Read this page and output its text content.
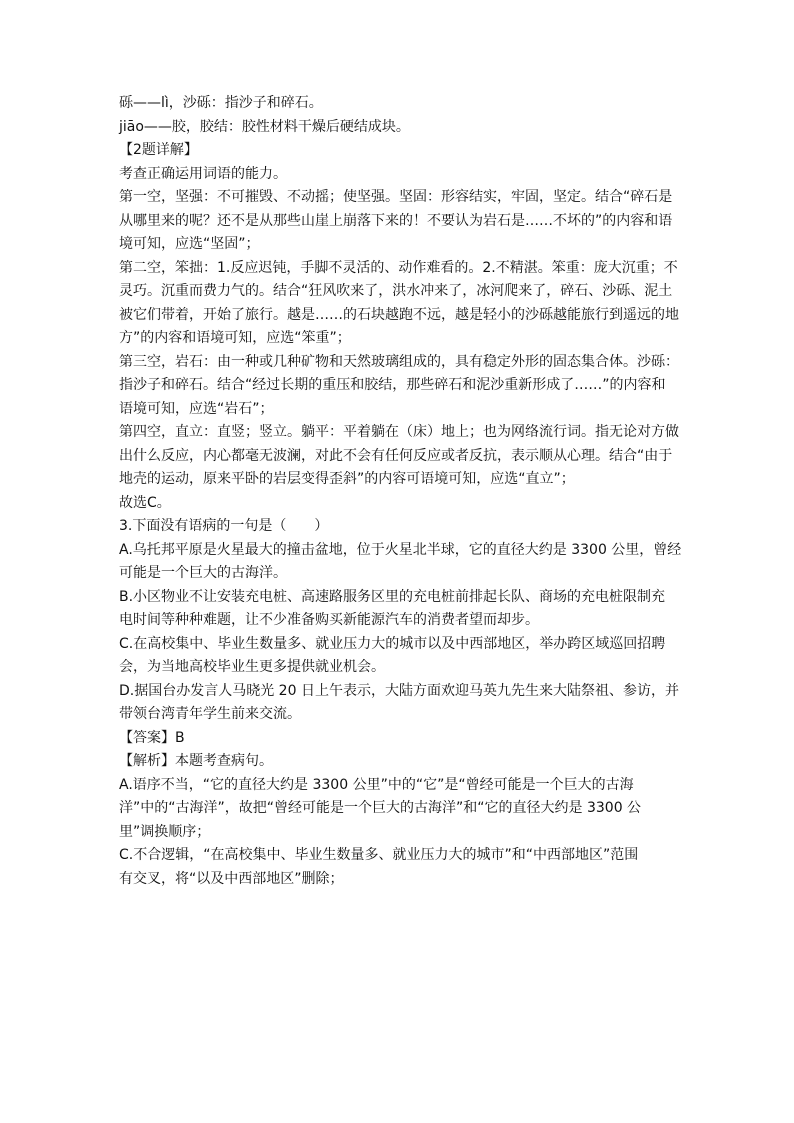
砾——lì，沙砾：指沙子和碎石。
jiāo——胶，胶结：胶性材料干燥后硬结成块。
【2题详解】
考查正确运用词语的能力。
第一空，坚强：不可摧毁、不动摇；使坚强。坚固：形容结实，牢固，坚定。结合“碎石是
从哪里来的呢？还不是从那些山崖上崩落下来的！不要认为岩石是……不坏的”的内容和语
境可知，应选“坚固”；
第二空，笨拙：1.反应迟钝，手脚不灵活的、动作难看的。2.不精湛。笨重：庞大沉重；不
灵巧。沉重而费力气的。结合“狂风吹来了，洪水冲来了，冰河爬来了，碎石、沙砾、泥土
被它们带着，开始了旅行。越是……的石块越跑不远，越是轻小的沙砾越能旅行到遥远的地
方”的内容和语境可知，应选“笨重”；
第三空，岩石：由一种或几种矿物和天然玻璃组成的，具有稳定外形的固态集合体。沙砾：
指沙子和碎石。结合“经过长期的重压和胶结，那些碎石和泥沙重新形成了……”的内容和
语境可知，应选“岩石”；
第四空，直立：直竖；竖立。躺平：平着躺在（床）地上；也为网络流行词。指无论对方做
出什么反应，内心都毫无波澜，对此不会有任何反应或者反抗，表示顺从心理。结合“由于
地壳的运动，原来平卧的岩层变得歪斜”的内容可语境可知，应选“直立”；
故选C。
3.下面没有语病的一句是（　　）
A.乌托邦平原是火星最大的撞击盆地，位于火星北半球，它的直径大约是 3300 公里，曾经
可能是一个巨大的古海洋。
B.小区物业不让安装充电桩、高速路服务区里的充电桩前排起长队、商场的充电桩限制充
电时间等种种难题，让不少准备购买新能源汽车的消费者望而却步。
C.在高校集中、毕业生数量多、就业压力大的城市以及中西部地区，举办跨区域巡回招聘
会，为当地高校毕业生更多提供就业机会。
D.据国台办发言人马晓光 20 日上午表示，大陆方面欢迎马英九先生来大陆祭祖、参访，并
带领台湾青年学生前来交流。
【答案】B
【解析】本题考查病句。
A.语序不当，“它的直径大约是 3300 公里”中的“它”是“曾经可能是一个巨大的古海
洋”中的“古海洋”，故把“曾经可能是一个巨大的古海洋”和“它的直径大约是 3300 公
里”调换顺序；
C.不合逻辑，“在高校集中、毕业生数量多、就业压力大的城市”和“中西部地区”范围
有交叉，将“以及中西部地区”删除；
